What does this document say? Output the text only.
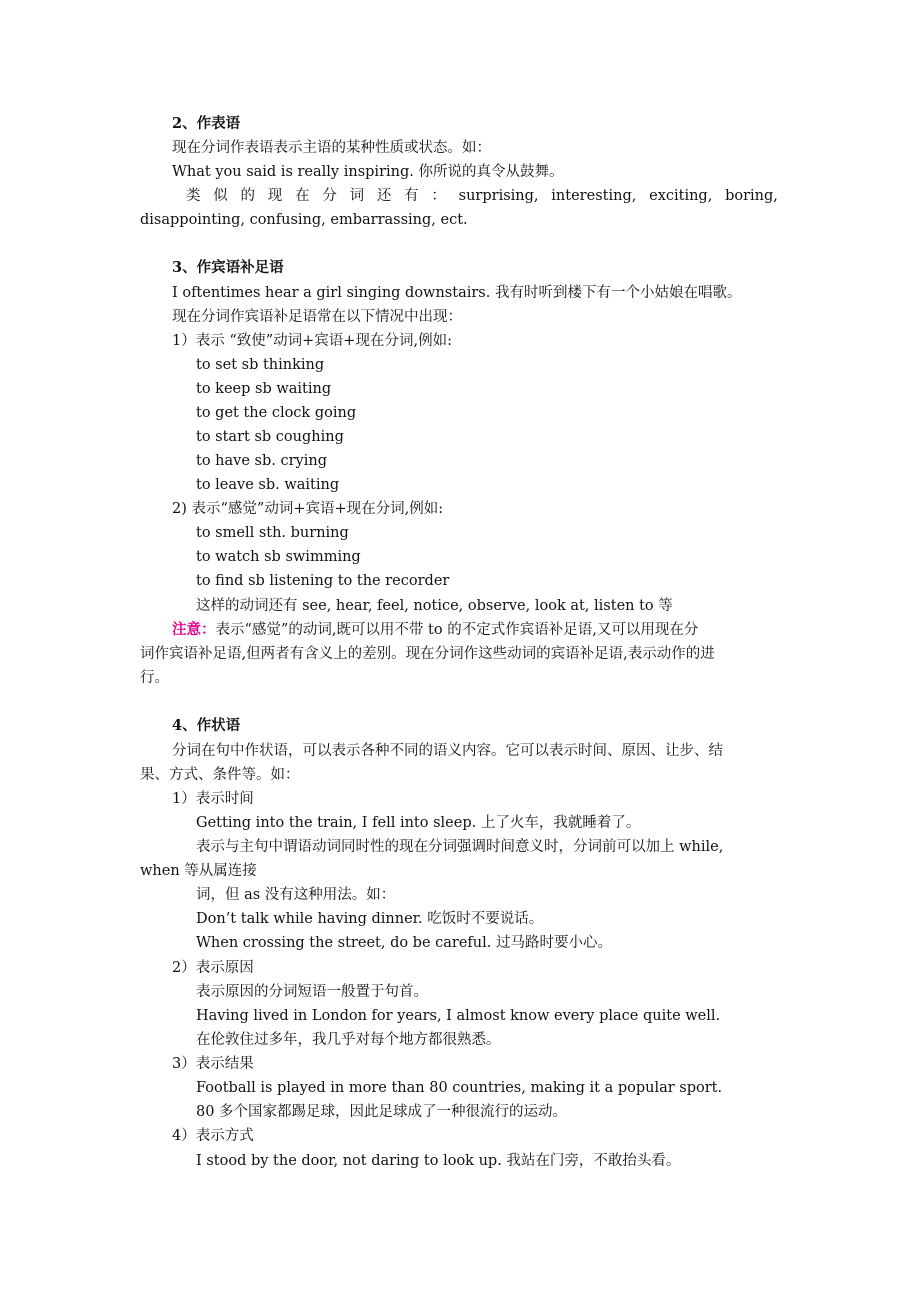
2、作表语
现在分词作表语表示主语的某种性质或状态。如：
What you said is really inspiring. 你所说的真令从鼓舞。
类 似 的 现 在 分 词 还 有 ： surprising, interesting, exciting, boring,
disappointing, confusing, embarrassing, ect.
3、作宾语补足语
I oftentimes hear a girl singing downstairs. 我有时听到楼下有一个小姑娘在唱歌。
现在分词作宾语补足语常在以下情况中出现：
1）表示 “致使”动词+宾语+现在分词,例如:
to set sb thinking
to keep sb waiting
to get the clock going
to start sb coughing
to have sb. crying
to leave sb. waiting
2) 表示“感觉”动词+宾语+现在分词,例如:
to smell sth. burning
to watch sb swimming
to find sb listening to the recorder
这样的动词还有 see, hear, feel, notice, observe, look at, listen to 等
注意：表示“感觉”的动词,既可以用不带 to 的不定式作宾语补足语,又可以用现在分
词作宾语补足语,但两者有含义上的差别。现在分词作这些动词的宾语补足语,表示动作的进
行。
4、作状语
分词在句中作状语，可以表示各种不同的语义内容。它可以表示时间、原因、让步、结
果、方式、条件等。如：
1）表示时间
Getting into the train, I fell into sleep. 上了火车，我就睡着了。
表示与主句中谓语动词同时性的现在分词强调时间意义时，分词前可以加上 while,
when 等从属连接
词，但 as 没有这种用法。如：
Don’t talk while having dinner. 吃饭时不要说话。
When crossing the street, do be careful. 过马路时要小心。
2）表示原因
表示原因的分词短语一般置于句首。
Having lived in London for years, I almost know every place quite well.
在伦敦住过多年，我几乎对每个地方都很熟悉。
3）表示结果
Football is played in more than 80 countries, making it a popular sport.
80 多个国家都踢足球，因此足球成了一种很流行的运动。
4）表示方式
I stood by the door, not daring to look up. 我站在门旁，不敢抬头看。
